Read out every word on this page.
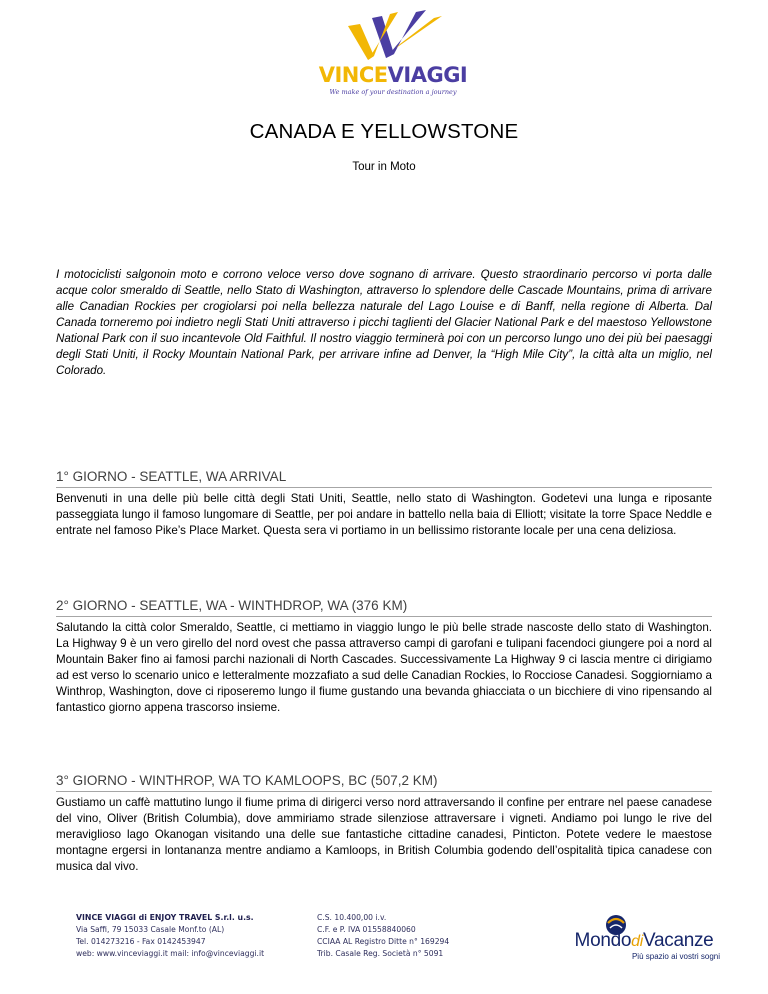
VINCEVIAGGI
We make of your destination a journey
CANADA E YELLOWSTONE
Tour in Moto

I motociclisti salgonoin moto e corrono veloce verso dove sognano di arrivare. Questo straordinario percorso vi porta dalle acque color smeraldo di Seattle, nello Stato di Washington, attraverso lo splendore delle Cascade Mountains, prima di arrivare alle Canadian Rockies per crogiolarsi poi nella bellezza naturale del Lago Louise e di Banff, nella regione di Alberta. Dal Canada torneremo poi indietro negli Stati Uniti attraverso i picchi taglienti del Glacier National Park e del maestoso Yellowstone National Park con il suo incantevole Old Faithful. Il nostro viaggio terminerà poi con un percorso lungo uno dei più bei paesaggi degli Stati Uniti, il Rocky Mountain National Park, per arrivare infine ad Denver, la “High Mile City”, la città alta un miglio, nel Colorado.

1° GIORNO - SEATTLE, WA ARRIVAL

Benvenuti in una delle più belle città degli Stati Uniti, Seattle, nello stato di Washington. Godetevi una lunga e riposante passeggiata lungo il famoso lungomare di Seattle, per poi andare in battello nella baia di Elliott; visitate la torre Space Neddle e entrate nel famoso Pike’s Place Market. Questa sera vi portiamo in un bellissimo ristorante locale per una cena deliziosa.

2° GIORNO - SEATTLE, WA - WINTHDROP, WA (376 KM)

Salutando la città color Smeraldo, Seattle, ci mettiamo in viaggio lungo le più belle strade nascoste dello stato di Washington. La Highway 9 è un vero girello del nord ovest che passa attraverso campi di garofani e tulipani facendoci giungere poi a nord al Mountain Baker fino ai famosi parchi nazionali di North Cascades. Successivamente La Highway 9 ci lascia mentre ci dirigiamo ad est verso lo scenario unico e letteralmente mozzafiato a sud delle Canadian Rockies, lo Rocciose Canadesi. Soggiorniamo a Winthrop, Washington, dove ci riposeremo lungo il fiume gustando una bevanda ghiacciata o un bicchiere di vino ripensando al fantastico giorno appena trascorso insieme.

3° GIORNO - WINTHROP, WA TO KAMLOOPS, BC (507,2 KM)

Gustiamo un caffè mattutino lungo il fiume prima di dirigerci verso nord attraversando il confine per entrare nel paese canadese del vino, Oliver (British Columbia), dove ammiriamo strade silenziose attraversare i vigneti. Andiamo poi lungo le rive del meraviglioso lago Okanogan visitando una delle sue fantastiche cittadine canadesi, Pinticton. Potete vedere le maestose montagne ergersi in lontananza mentre andiamo a Kamloops, in British Columbia godendo dell’ospitalità tipica canadese con musica dal vivo.

VINCE VIAGGI di ENJOY TRAVEL S.r.l. u.s.
Via Saffi, 79 15033 Casale Monf.to (AL)
Tel. 014273216 - Fax 0142453947
web: www.vinceviaggi.it mail: info@vinceviaggi.it
C.S. 10.400,00 i.v.
C.F. e P. IVA 01558840060
CCIAA AL Registro Ditte n° 169294
Trib. Casale Reg. Società n° 5091
MondodiVacanze
Più spazio ai vostri sogni
